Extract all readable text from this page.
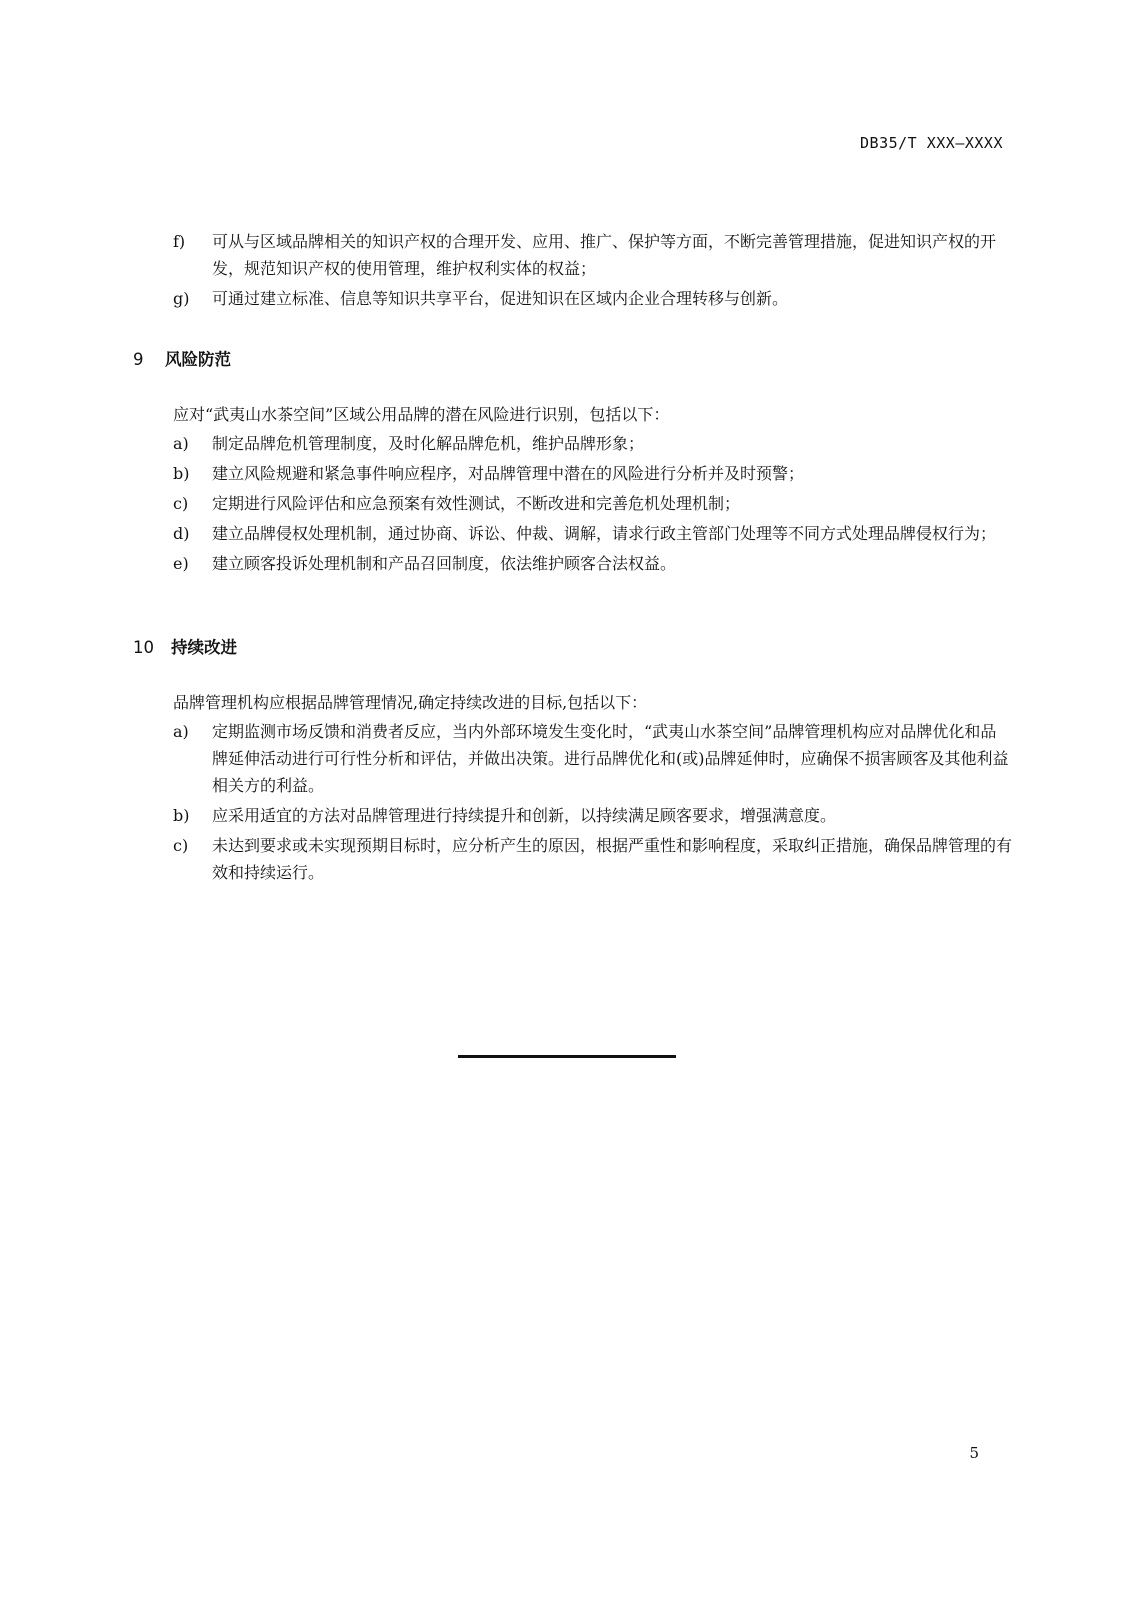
DB35/T XXX—XXXX
f) 可从与区域品牌相关的知识产权的合理开发、应用、推广、保护等方面，不断完善管理措施，促进知识产权的开发，规范知识产权的使用管理，维护权利实体的权益；
g) 可通过建立标准、信息等知识共享平台，促进知识在区域内企业合理转移与创新。
9 风险防范
应对“武夷山水茶空间”区域公用品牌的潜在风险进行识别，包括以下：
a) 制定品牌危机管理制度，及时化解品牌危机，维护品牌形象；
b) 建立风险规避和紧急事件响应程序，对品牌管理中潜在的风险进行分析并及时预警；
c) 定期进行风险评估和应急预案有效性测试，不断改进和完善危机处理机制；
d) 建立品牌侵权处理机制，通过协商、诉讼、仲裁、调解，请求行政主管部门处理等不同方式处理品牌侵权行为；
e) 建立顾客投诉处理机制和产品召回制度，依法维护顾客合法权益。
10 持续改进
品牌管理机构应根据品牌管理情况,确定持续改进的目标,包括以下：
a) 定期监测市场反馈和消费者反应，当内外部环境发生变化时，“武夷山水茶空间”品牌管理机构应对品牌优化和品牌延伸活动进行可行性分析和评估，并做出决策。进行品牌优化和(或)品牌延伸时，应确保不损害顾客及其他利益相关方的利益。
b) 应采用适宜的方法对品牌管理进行持续提升和创新，以持续满足顾客要求，增强满意度。
c) 未达到要求或未实现预期目标时，应分析产生的原因，根据严重性和影响程度，采取纠正措施，确保品牌管理的有效和持续运行。
5
